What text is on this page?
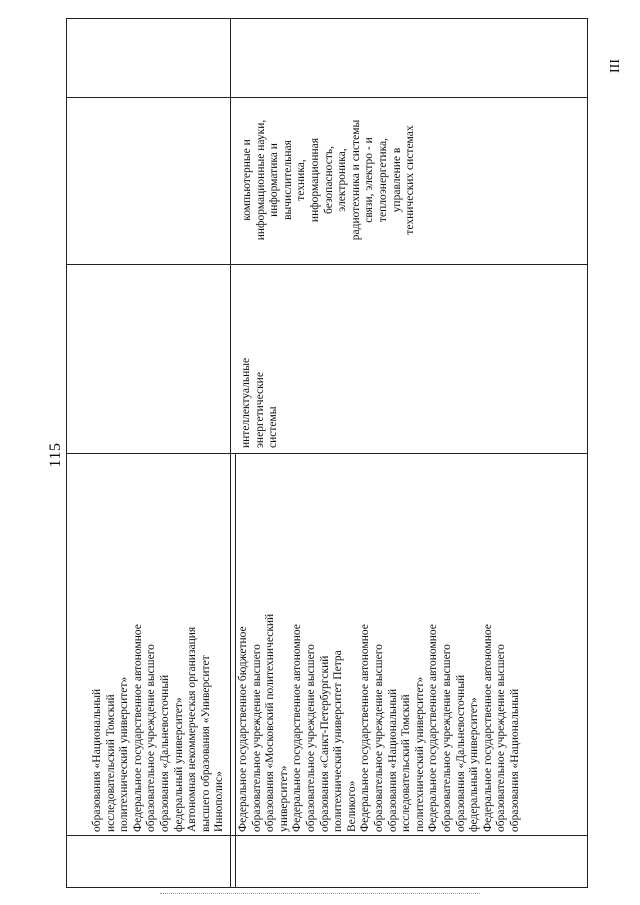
115
образования «Национальный исследовательский Томский политехнический университет» Федеральное государственное автономное образовательное учреждение высшего образования «Дальневосточный федеральный университет» Автономная некоммерческая организация высшего образования «Университет Иннополис» Федеральное государственное бюджетное образовательное учреждение высшего образования «Московский политехнический университет» Федеральное государственное автономное образовательное учреждение высшего образования «Санкт-Петербургский политехнический университет Петра Великого» Федеральное государственное автономное образовательное учреждение высшего образования «Национальный исследовательский Томский политехнический университет» Федеральное государственное автономное образовательное учреждение высшего образования «Дальневосточный федеральный университет» Федеральное государственное автономное образовательное учреждение высшего образования «Национальный
интеллектуальные энергетические системы
компьютерные и информационные науки, информатика и вычислительная техника, информационная безопасность, электроника, радиотехника и системы связи, электро - и теплоэнергетика, управление в технических системах
III
